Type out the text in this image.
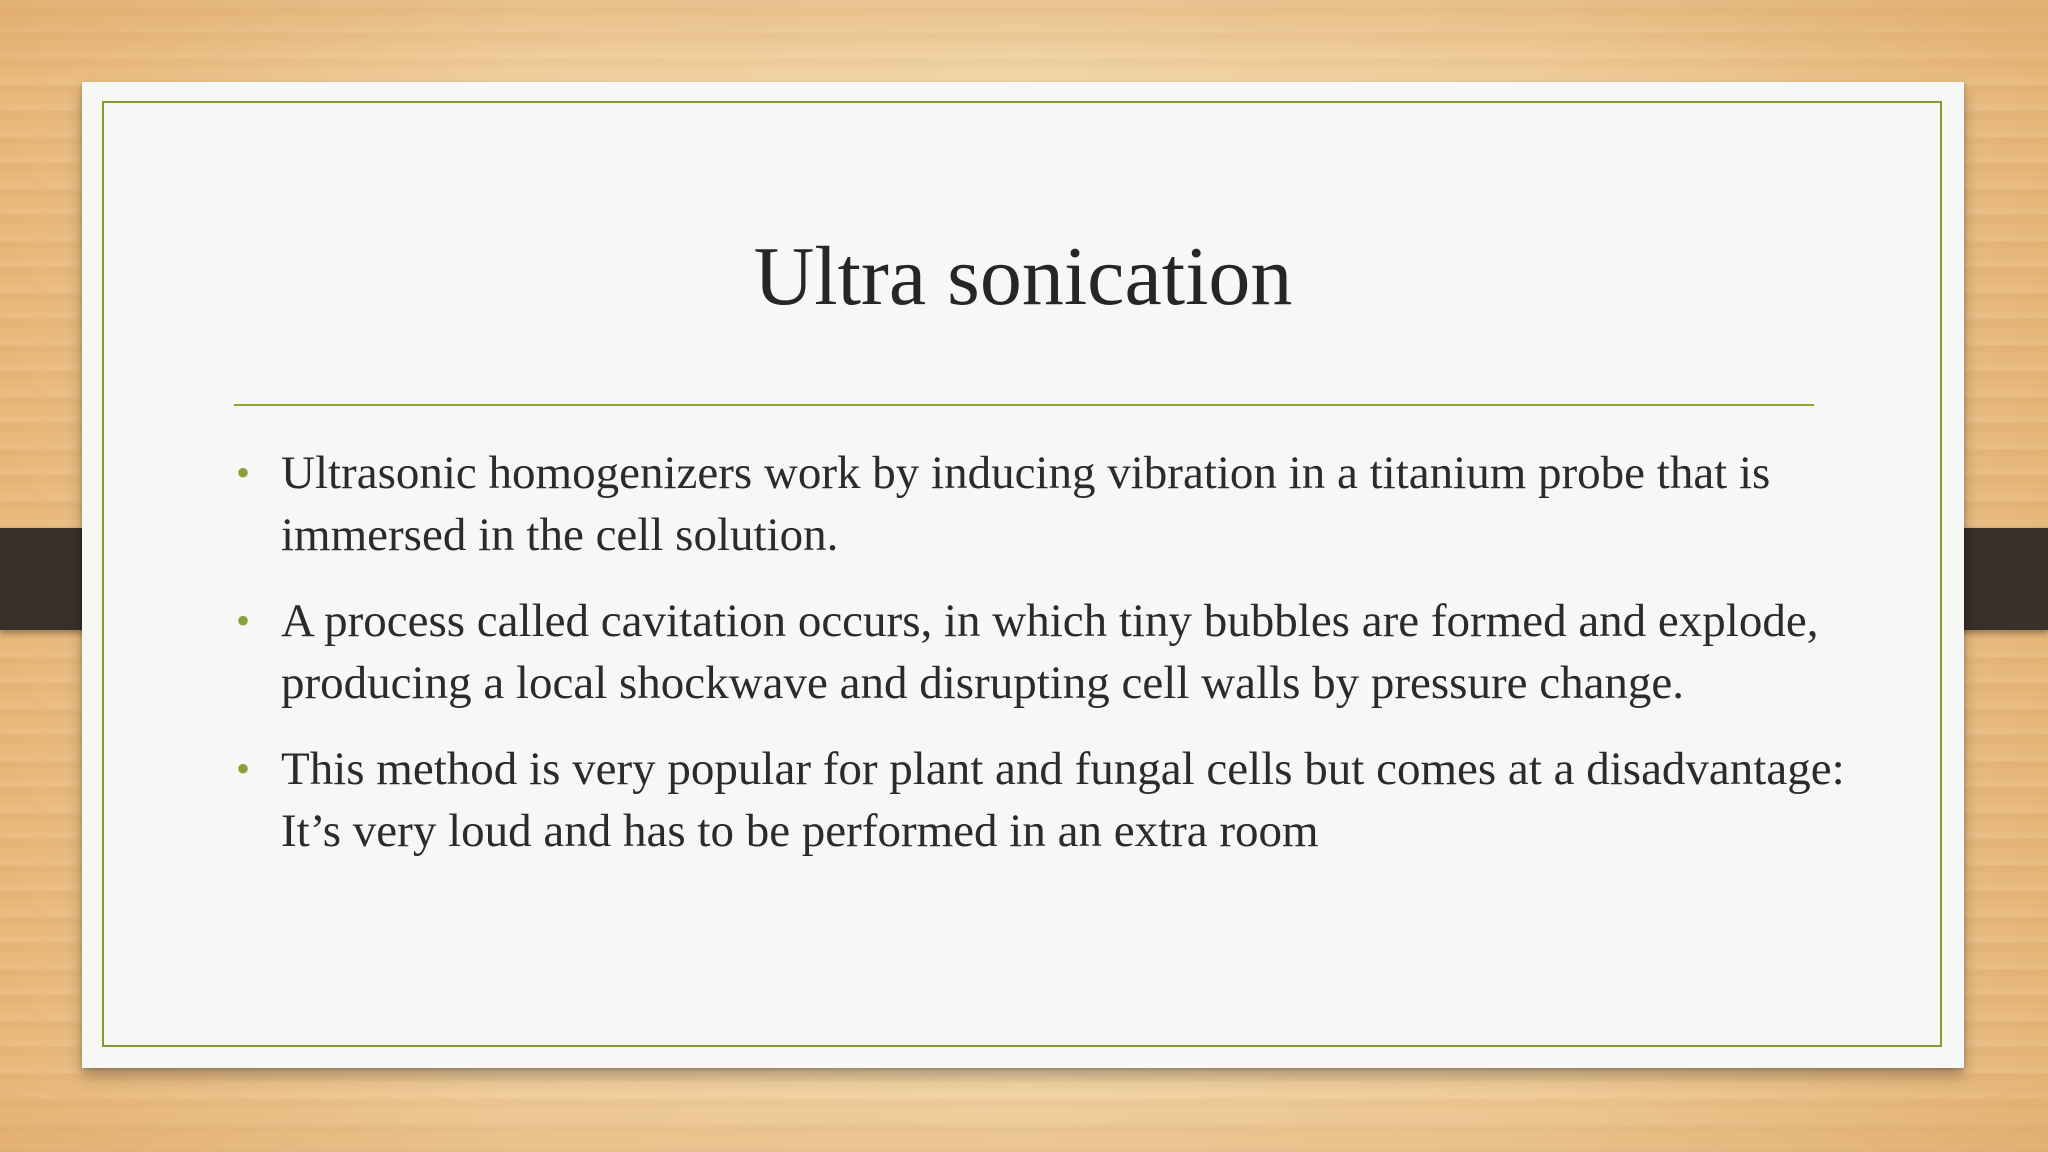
Ultra sonication
• Ultrasonic homogenizers work by inducing vibration in a titanium probe that is immersed in the cell solution.
• A process called cavitation occurs, in which tiny bubbles are formed and explode, producing a local shockwave and disrupting cell walls by pressure change.
• This method is very popular for plant and fungal cells but comes at a disadvantage: It’s very loud and has to be performed in an extra room
